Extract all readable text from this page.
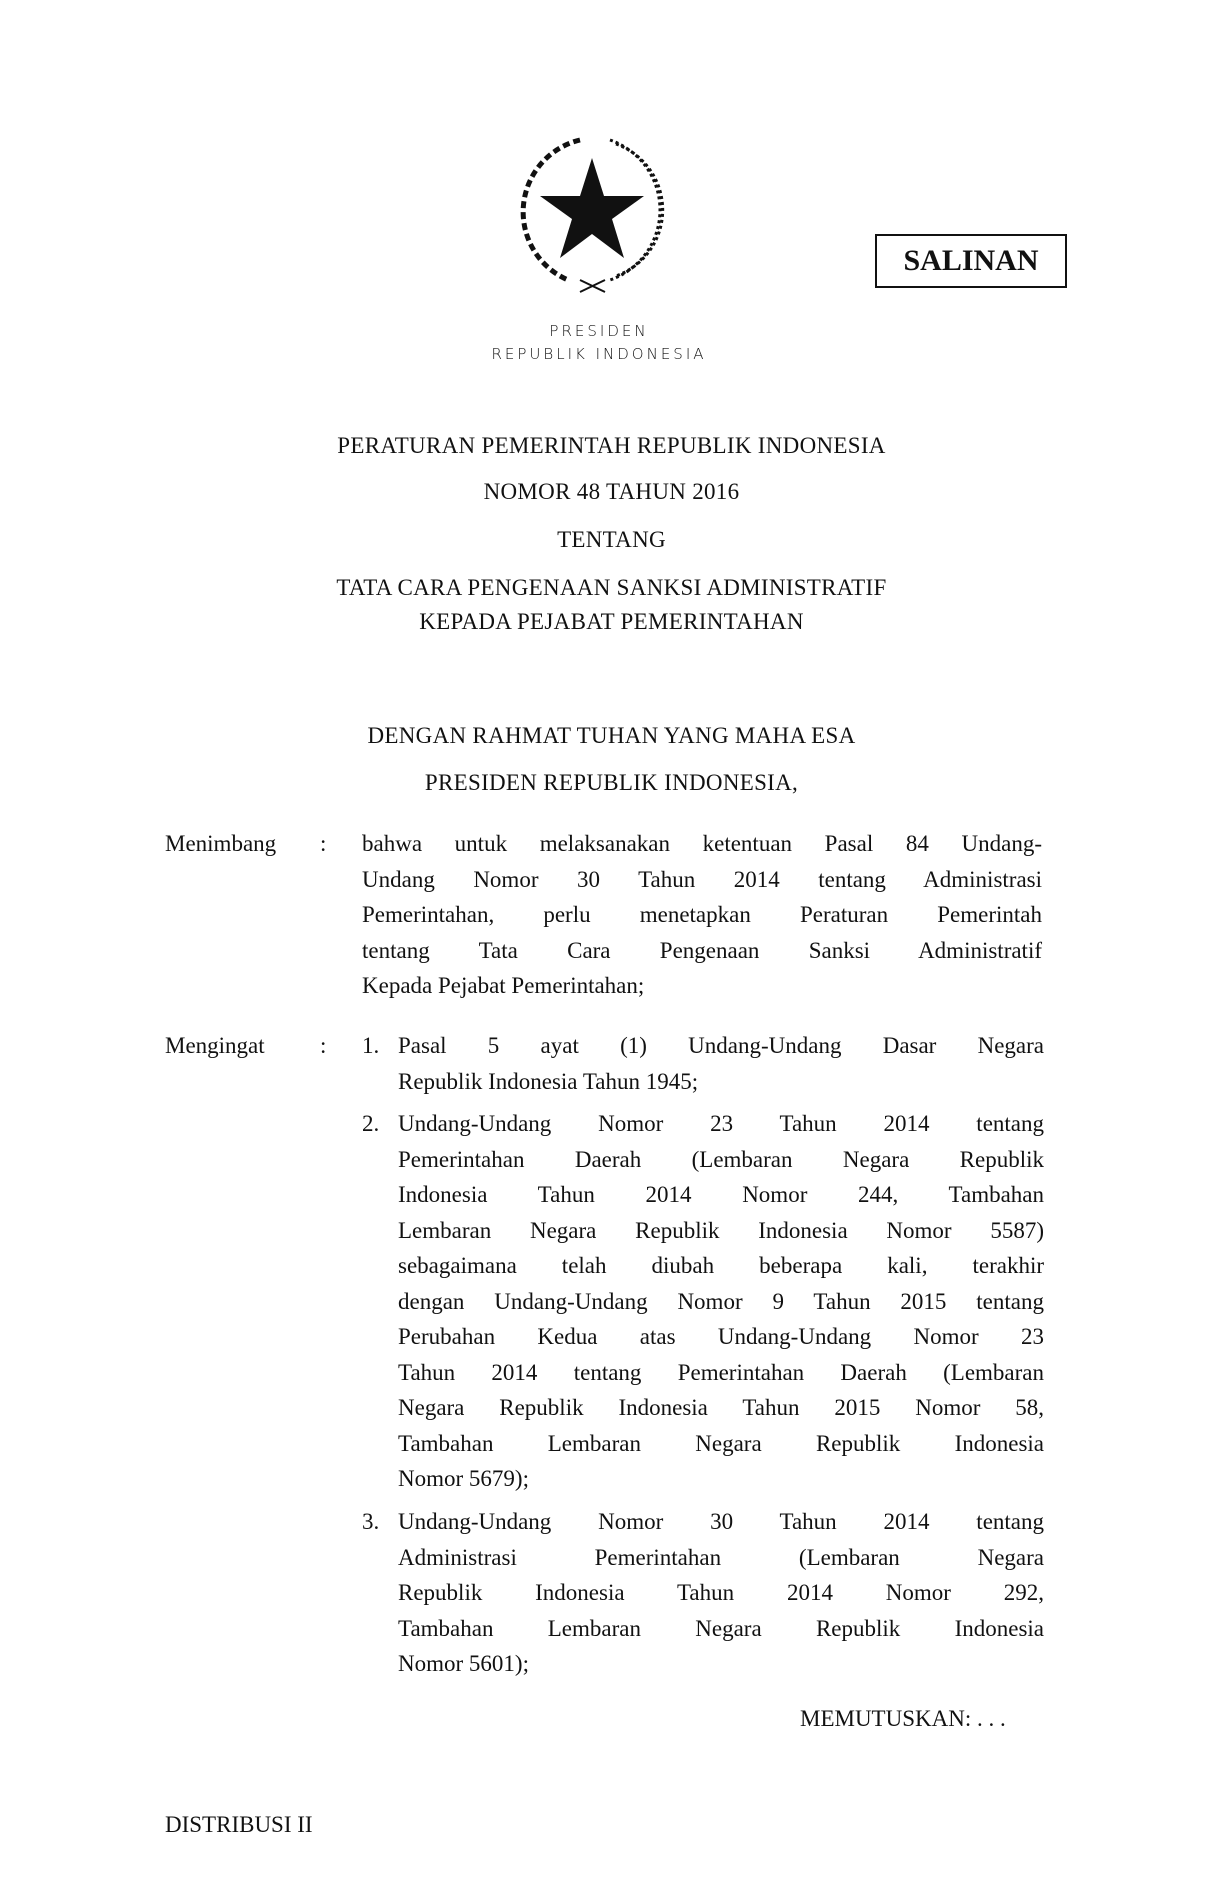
SALINAN
PRESIDEN
REPUBLIK INDONESIA
PERATURAN PEMERINTAH REPUBLIK INDONESIA
NOMOR 48 TAHUN 2016
TENTANG
TATA CARA PENGENAAN SANKSI ADMINISTRATIF
KEPADA PEJABAT PEMERINTAHAN
DENGAN RAHMAT TUHAN YANG MAHA ESA
PRESIDEN REPUBLIK INDONESIA,
Menimbang : bahwa untuk melaksanakan ketentuan Pasal 84 Undang-
Undang Nomor 30 Tahun 2014 tentang Administrasi
Pemerintahan, perlu menetapkan Peraturan Pemerintah
tentang Tata Cara Pengenaan Sanksi Administratif
Kepada Pejabat Pemerintahan;
Mengingat : 1. Pasal 5 ayat (1) Undang-Undang Dasar Negara
Republik Indonesia Tahun 1945;
2. Undang-Undang Nomor 23 Tahun 2014 tentang
Pemerintahan Daerah (Lembaran Negara Republik
Indonesia Tahun 2014 Nomor 244, Tambahan
Lembaran Negara Republik Indonesia Nomor 5587)
sebagaimana telah diubah beberapa kali, terakhir
dengan Undang-Undang Nomor 9 Tahun 2015 tentang
Perubahan Kedua atas Undang-Undang Nomor 23
Tahun 2014 tentang Pemerintahan Daerah (Lembaran
Negara Republik Indonesia Tahun 2015 Nomor 58,
Tambahan Lembaran Negara Republik Indonesia
Nomor 5679);
3. Undang-Undang Nomor 30 Tahun 2014 tentang
Administrasi Pemerintahan (Lembaran Negara
Republik Indonesia Tahun 2014 Nomor 292,
Tambahan Lembaran Negara Republik Indonesia
Nomor 5601);
MEMUTUSKAN: . . .
DISTRIBUSI II
